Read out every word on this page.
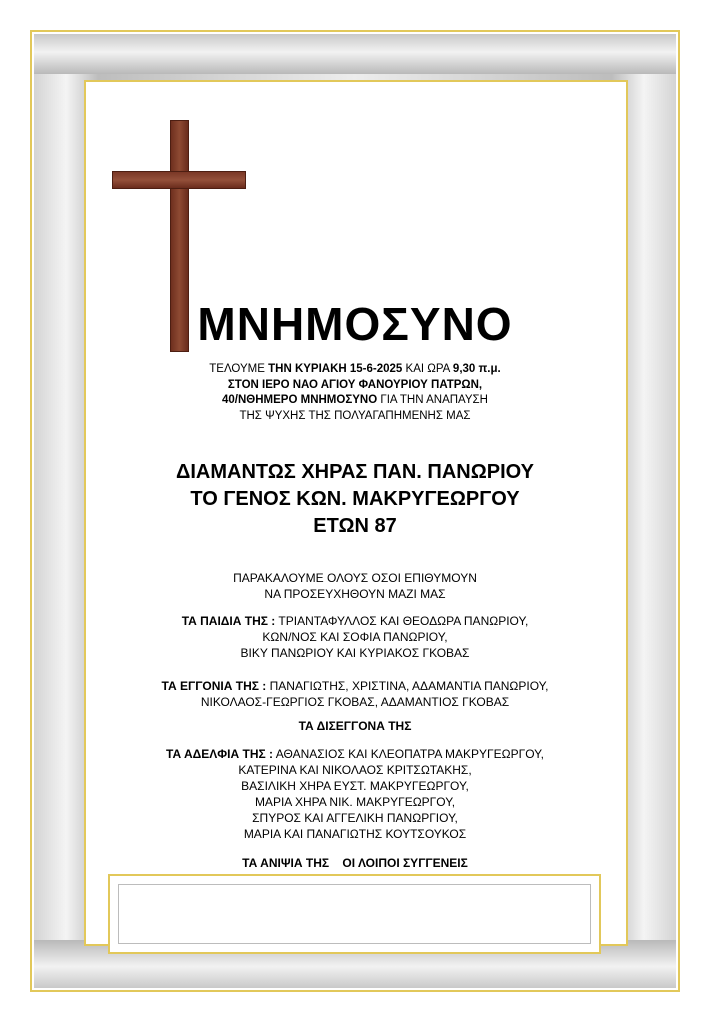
ΜΝΗΜΟΣΥΝΟ
ΤΕΛΟΥΜΕ ΤΗΝ ΚΥΡΙΑΚΗ 15-6-2025 ΚΑΙ ΩΡΑ 9,30 π.μ.
ΣΤΟΝ ΙΕΡΟ ΝΑΟ ΑΓΙΟΥ ΦΑΝΟΥΡΙΟΥ ΠΑΤΡΩΝ,
40/ΝΘΗΜΕΡΟ ΜΝΗΜΟΣΥΝΟ ΓΙΑ ΤΗΝ ΑΝΑΠΑΥΣΗ
ΤΗΣ ΨΥΧΗΣ ΤΗΣ ΠΟΛΥΑΓΑΠΗΜΕΝΗΣ ΜΑΣ
ΔΙΑΜΑΝΤΩΣ ΧΗΡΑΣ ΠΑΝ. ΠΑΝΩΡΙΟΥ
ΤΟ ΓΕΝΟΣ ΚΩΝ. ΜΑΚΡΥΓΕΩΡΓΟΥ
ΕΤΩΝ 87
ΠΑΡΑΚΑΛΟΥΜΕ ΟΛΟΥΣ ΟΣΟΙ ΕΠΙΘΥΜΟΥΝ
ΝΑ ΠΡΟΣΕΥΧΗΘΟΥΝ ΜΑΖΙ ΜΑΣ
ΤΑ ΠΑΙΔΙΑ ΤΗΣ : ΤΡΙΑΝΤΑΦΥΛΛΟΣ ΚΑΙ ΘΕΟΔΩΡΑ ΠΑΝΩΡΙΟΥ,
ΚΩΝ/ΝΟΣ ΚΑΙ ΣΟΦΙΑ ΠΑΝΩΡΙΟΥ,
ΒΙΚΥ ΠΑΝΩΡΙΟΥ ΚΑΙ ΚΥΡΙΑΚΟΣ ΓΚΟΒΑΣ
ΤΑ ΕΓΓΟΝΙΑ ΤΗΣ : ΠΑΝΑΓΙΩΤΗΣ, ΧΡΙΣΤΙΝΑ, ΑΔΑΜΑΝΤΙΑ ΠΑΝΩΡΙΟΥ,
ΝΙΚΟΛΑΟΣ-ΓΕΩΡΓΙΟΣ ΓΚΟΒΑΣ, ΑΔΑΜΑΝΤΙΟΣ ΓΚΟΒΑΣ
ΤΑ ΔΙΣΕΓΓΟΝΑ ΤΗΣ
ΤΑ ΑΔΕΛΦΙΑ ΤΗΣ : ΑΘΑΝΑΣΙΟΣ ΚΑΙ ΚΛΕΟΠΑΤΡΑ ΜΑΚΡΥΓΕΩΡΓΟΥ,
ΚΑΤΕΡΙΝΑ ΚΑΙ ΝΙΚΟΛΑΟΣ ΚΡΙΤΣΩΤΑΚΗΣ,
ΒΑΣΙΛΙΚΗ ΧΗΡΑ ΕΥΣΤ. ΜΑΚΡΥΓΕΩΡΓΟΥ,
ΜΑΡΙΑ ΧΗΡΑ ΝΙΚ. ΜΑΚΡΥΓΕΩΡΓΟΥ,
ΣΠΥΡΟΣ ΚΑΙ ΑΓΓΕΛΙΚΗ ΠΑΝΩΡΓΙΟΥ,
ΜΑΡΙΑ ΚΑΙ ΠΑΝΑΓΙΩΤΗΣ ΚΟΥΤΣΟΥΚΟΣ
ΤΑ ΑΝΙΨΙΑ ΤΗΣ    ΟΙ ΛΟΙΠΟΙ ΣΥΓΓΕΝΕΙΣ
